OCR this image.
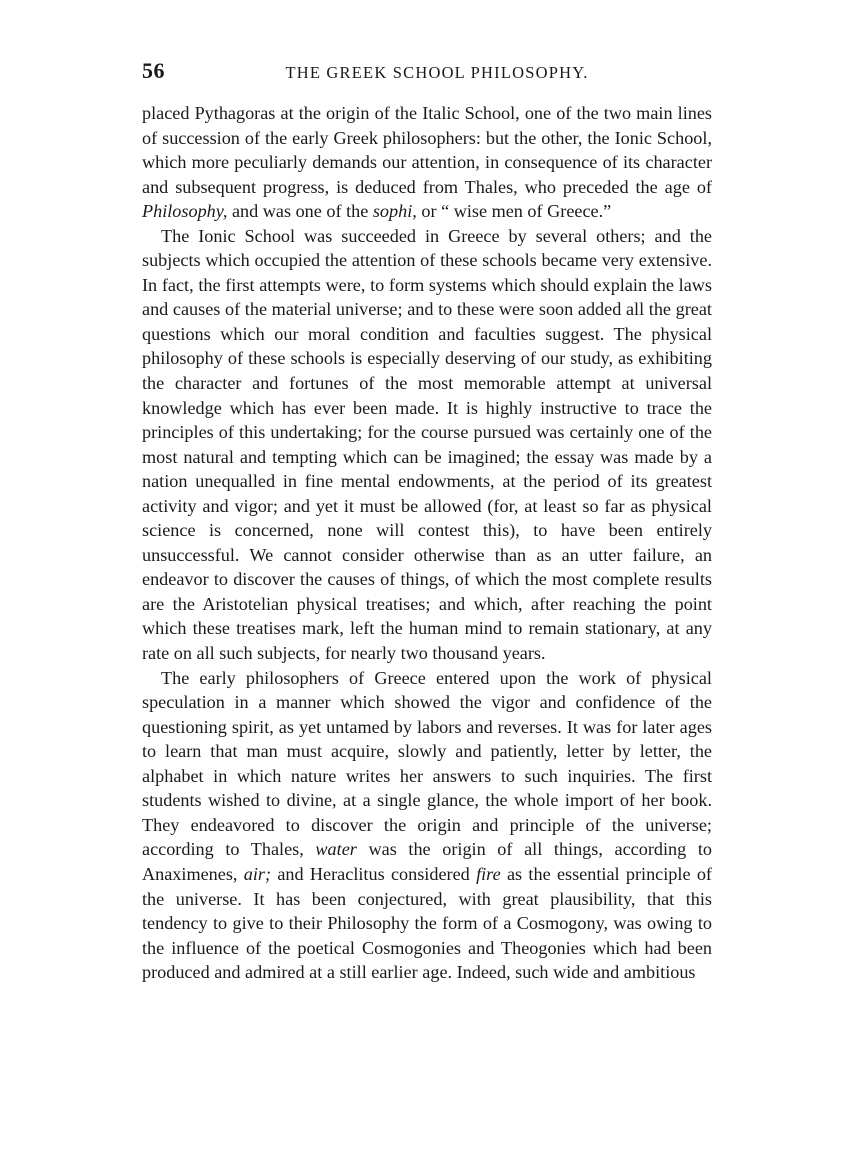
56	THE GREEK SCHOOL PHILOSOPHY.

placed Pythagoras at the origin of the Italic School, one of the two main lines of succession of the early Greek philosophers: but the other, the Ionic School, which more peculiarly demands our attention, in consequence of its character and subsequent progress, is deduced from Thales, who preceded the age of Philosophy, and was one of the sophi, or “ wise men of Greece.”

The Ionic School was succeeded in Greece by several others; and the subjects which occupied the attention of these schools became very extensive. In fact, the first attempts were, to form systems which should explain the laws and causes of the material universe; and to these were soon added all the great questions which our moral condition and faculties suggest. The physical philosophy of these schools is especially deserving of our study, as exhibiting the character and fortunes of the most memorable attempt at universal knowledge which has ever been made. It is highly instructive to trace the principles of this undertaking; for the course pursued was certainly one of the most natural and tempting which can be imagined; the essay was made by a nation unequalled in fine mental endowments, at the period of its greatest activity and vigor; and yet it must be allowed (for, at least so far as physical science is concerned, none will contest this), to have been entirely unsuccessful. We cannot consider otherwise than as an utter failure, an endeavor to discover the causes of things, of which the most complete results are the Aristotelian physical treatises; and which, after reaching the point which these treatises mark, left the human mind to remain stationary, at any rate on all such subjects, for nearly two thousand years.

The early philosophers of Greece entered upon the work of physical speculation in a manner which showed the vigor and confidence of the questioning spirit, as yet untamed by labors and reverses. It was for later ages to learn that man must acquire, slowly and patiently, letter by letter, the alphabet in which nature writes her answers to such inquiries. The first students wished to divine, at a single glance, the whole import of her book. They endeavored to discover the origin and principle of the universe; according to Thales, water was the origin of all things, according to Anaximenes, air; and Heraclitus considered fire as the essential principle of the universe. It has been conjectured, with great plausibility, that this tendency to give to their Philosophy the form of a Cosmogony, was owing to the influence of the poetical Cosmogonies and Theogonies which had been produced and admired at a still earlier age. Indeed, such wide and ambitious
